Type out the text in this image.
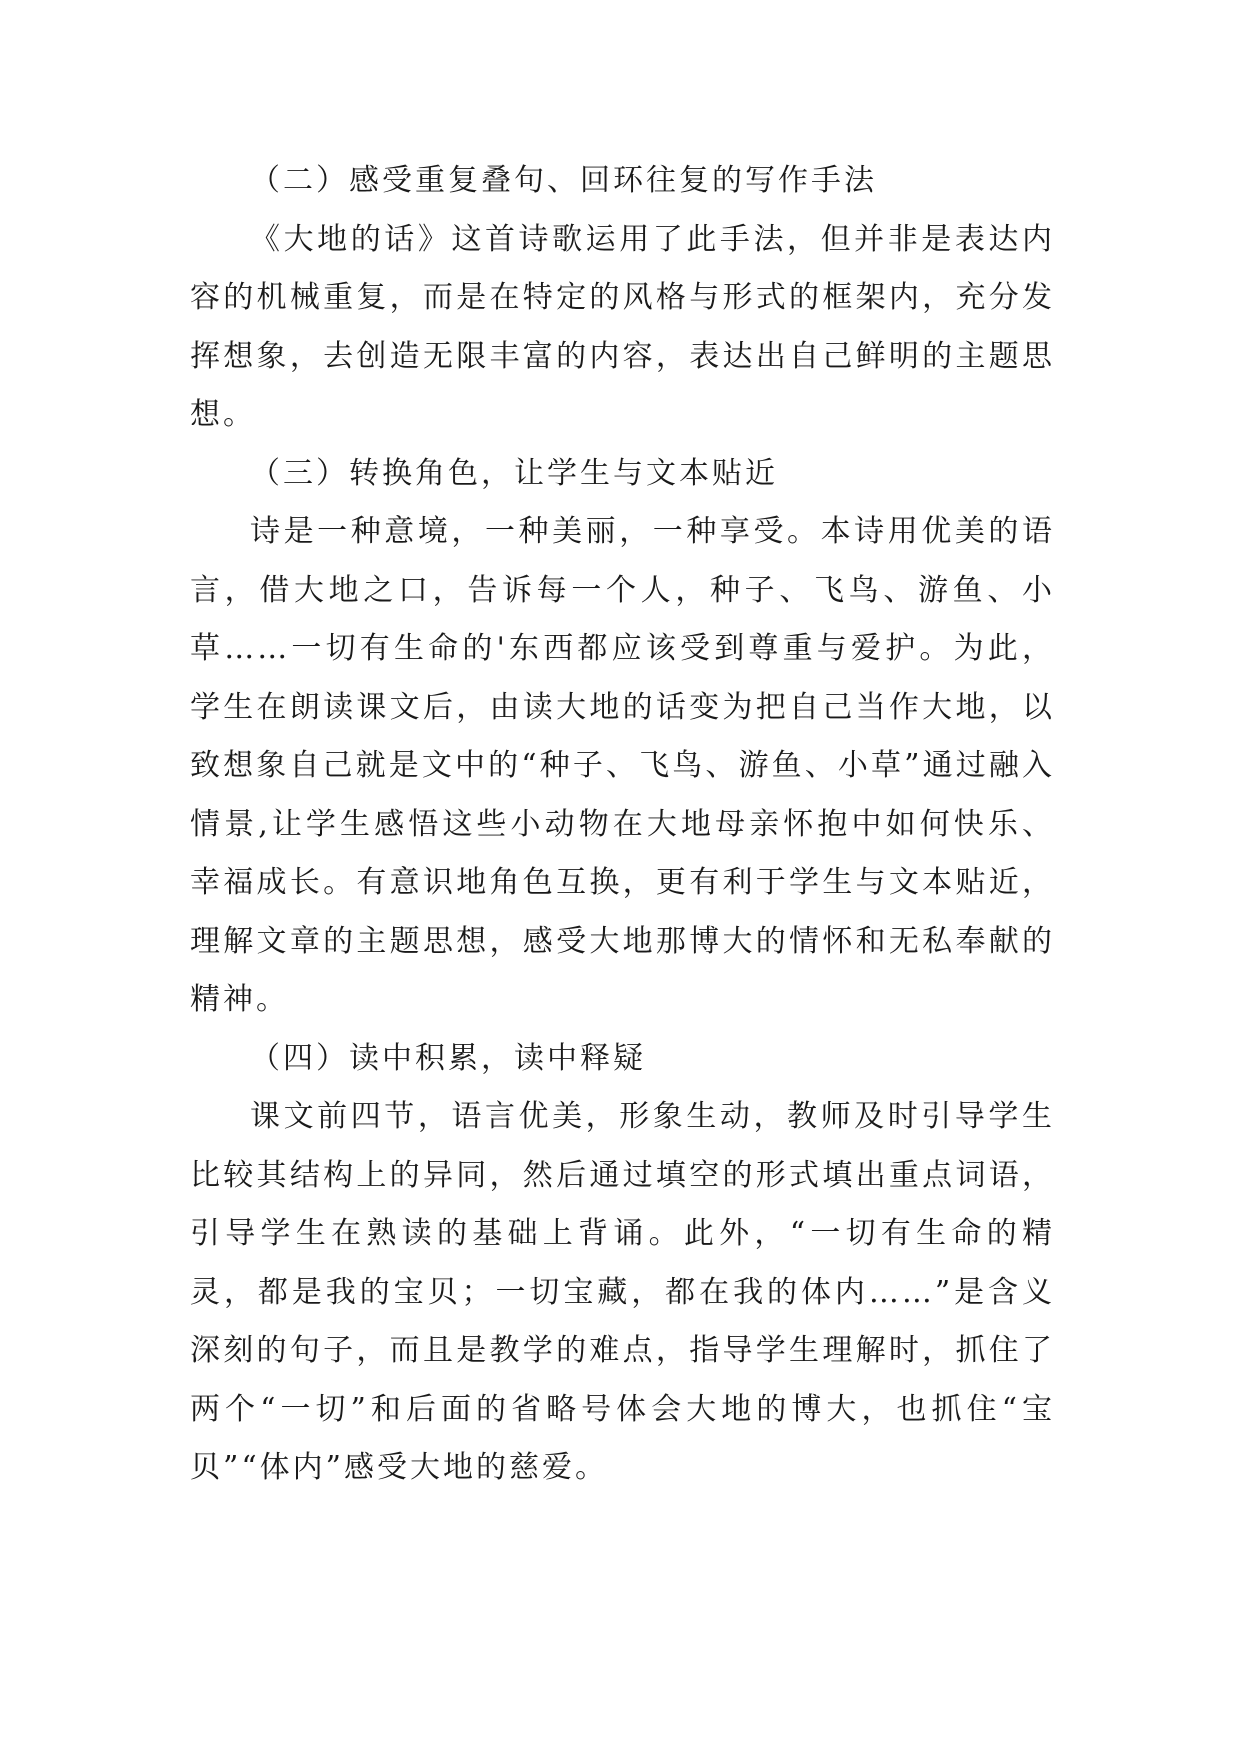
（二）感受重复叠句、回环往复的写作手法

《大地的话》这首诗歌运用了此手法，但并非是表达内容的机械重复，而是在特定的风格与形式的框架内，充分发挥想象，去创造无限丰富的内容，表达出自己鲜明的主题思想。

（三）转换角色，让学生与文本贴近

诗是一种意境，一种美丽，一种享受。本诗用优美的语言，借大地之口，告诉每一个人，种子、飞鸟、游鱼、小草……一切有生命的'东西都应该受到尊重与爱护。为此，学生在朗读课文后，由读大地的话变为把自己当作大地，以致想象自己就是文中的“种子、飞鸟、游鱼、小草”通过融入情景,让学生感悟这些小动物在大地母亲怀抱中如何快乐、幸福成长。有意识地角色互换，更有利于学生与文本贴近，理解文章的主题思想，感受大地那博大的情怀和无私奉献的精神。

（四）读中积累，读中释疑

课文前四节，语言优美，形象生动，教师及时引导学生比较其结构上的异同，然后通过填空的形式填出重点词语，引导学生在熟读的基础上背诵。此外，“一切有生命的精灵，都是我的宝贝；一切宝藏，都在我的体内……”是含义深刻的句子，而且是教学的难点，指导学生理解时，抓住了两个“一切”和后面的省略号体会大地的博大，也抓住“宝贝”“体内”感受大地的慈爱。
